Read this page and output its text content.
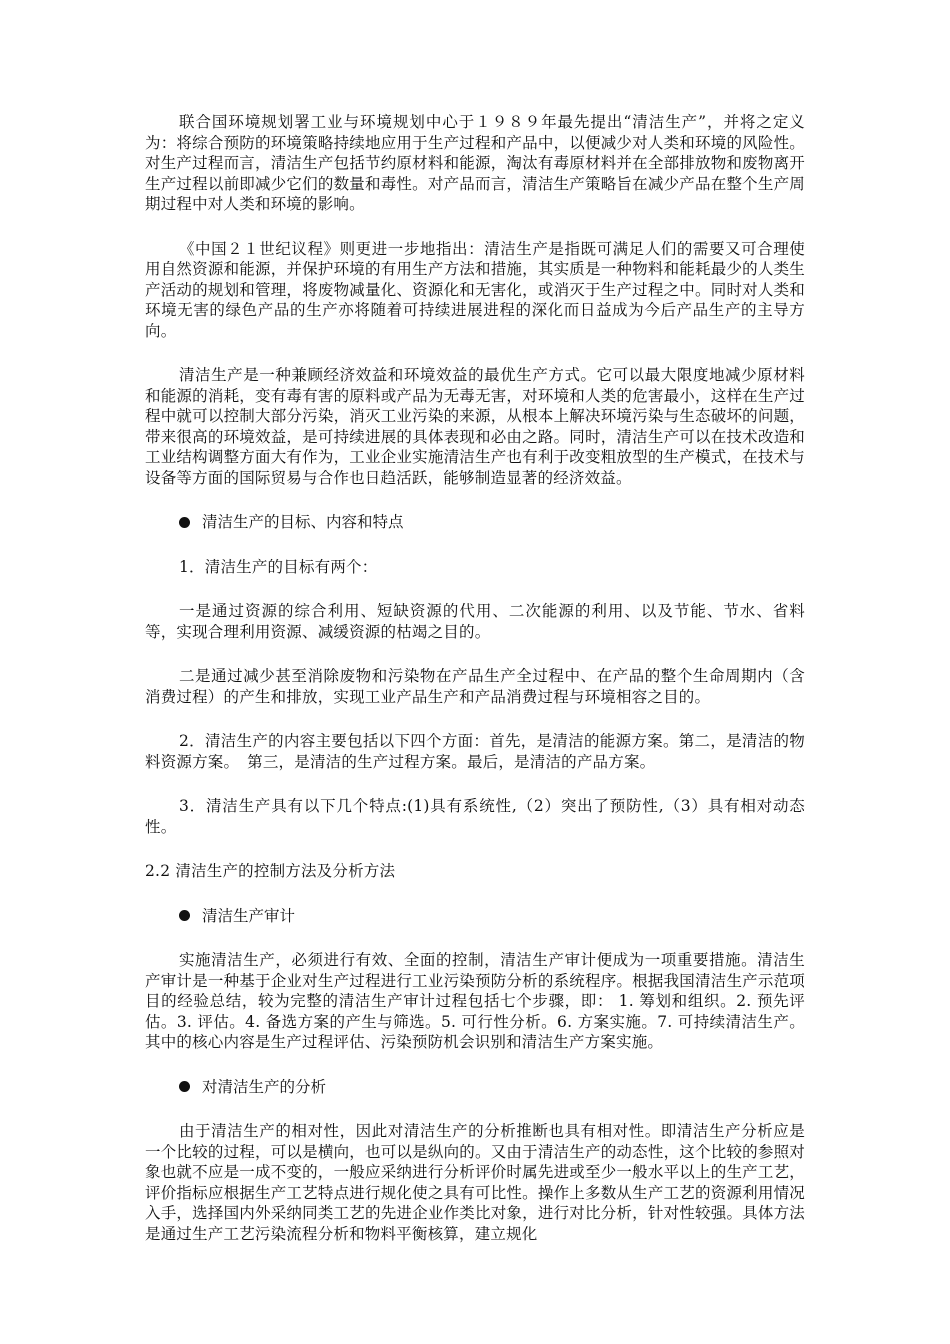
联合国环境规划署工业与环境规划中心于１９８９年最先提出“清洁生产”，并将之定义为：将综合预防的环境策略持续地应用于生产过程和产品中，以便减少对人类和环境的风险性。对生产过程而言，清洁生产包括节约原材料和能源，淘汰有毒原材料并在全部排放物和废物离开生产过程以前即减少它们的数量和毒性。对产品而言，清洁生产策略旨在减少产品在整个生产周期过程中对人类和环境的影响。

《中国２１世纪议程》则更进一步地指出：清洁生产是指既可满足人们的需要又可合理使用自然资源和能源，并保护环境的有用生产方法和措施，其实质是一种物料和能耗最少的人类生产活动的规划和管理，将废物减量化、资源化和无害化，或消灭于生产过程之中。同时对人类和环境无害的绿色产品的生产亦将随着可持续进展进程的深化而日益成为今后产品生产的主导方向。

清洁生产是一种兼顾经济效益和环境效益的最优生产方式。它可以最大限度地减少原材料和能源的消耗，变有毒有害的原料或产品为无毒无害，对环境和人类的危害最小，这样在生产过程中就可以控制大部分污染，消灭工业污染的来源，从根本上解决环境污染与生态破坏的问题，带来很高的环境效益，是可持续进展的具体表现和必由之路。同时，清洁生产可以在技术改造和工业结构调整方面大有作为，工业企业实施清洁生产也有利于改变粗放型的生产模式，在技术与设备等方面的国际贸易与合作也日趋活跃，能够制造显著的经济效益。

清洁生产的目标、内容和特点

1．清洁生产的目标有两个：

一是通过资源的综合利用、短缺资源的代用、二次能源的利用、以及节能、节水、省料等，实现合理利用资源、减缓资源的枯竭之目的。

二是通过减少甚至消除废物和污染物在产品生产全过程中、在产品的整个生命周期内（含消费过程）的产生和排放，实现工业产品生产和产品消费过程与环境相容之目的。

2．清洁生产的内容主要包括以下四个方面：首先，是清洁的能源方案。第二，是清洁的物料资源方案。　第三，是清洁的生产过程方案。最后，是清洁的产品方案。

3．清洁生产具有以下几个特点:(1)具有系统性,（2）突出了预防性,（3）具有相对动态性。

2.2 清洁生产的控制方法及分析方法

清洁生产审计

实施清洁生产，必须进行有效、全面的控制，清洁生产审计便成为一项重要措施。清洁生产审计是一种基于企业对生产过程进行工业污染预防分析的系统程序。根据我国清洁生产示范项目的经验总结，较为完整的清洁生产审计过程包括七个步骤，即： 1. 筹划和组织。2. 预先评估。3. 评估。4. 备选方案的产生与筛选。5. 可行性分析。6. 方案实施。7. 可持续清洁生产。其中的核心内容是生产过程评估、污染预防机会识别和清洁生产方案实施。

对清洁生产的分析

由于清洁生产的相对性，因此对清洁生产的分析推断也具有相对性。即清洁生产分析应是一个比较的过程，可以是横向，也可以是纵向的。又由于清洁生产的动态性，这个比较的参照对象也就不应是一成不变的，一般应采纳进行分析评价时属先进或至少一般水平以上的生产工艺，评价指标应根据生产工艺特点进行规化使之具有可比性。操作上多数从生产工艺的资源利用情况入手，选择国内外采纳同类工艺的先进企业作类比对象，进行对比分析，针对性较强。具体方法是通过生产工艺污染流程分析和物料平衡核算，建立规化
